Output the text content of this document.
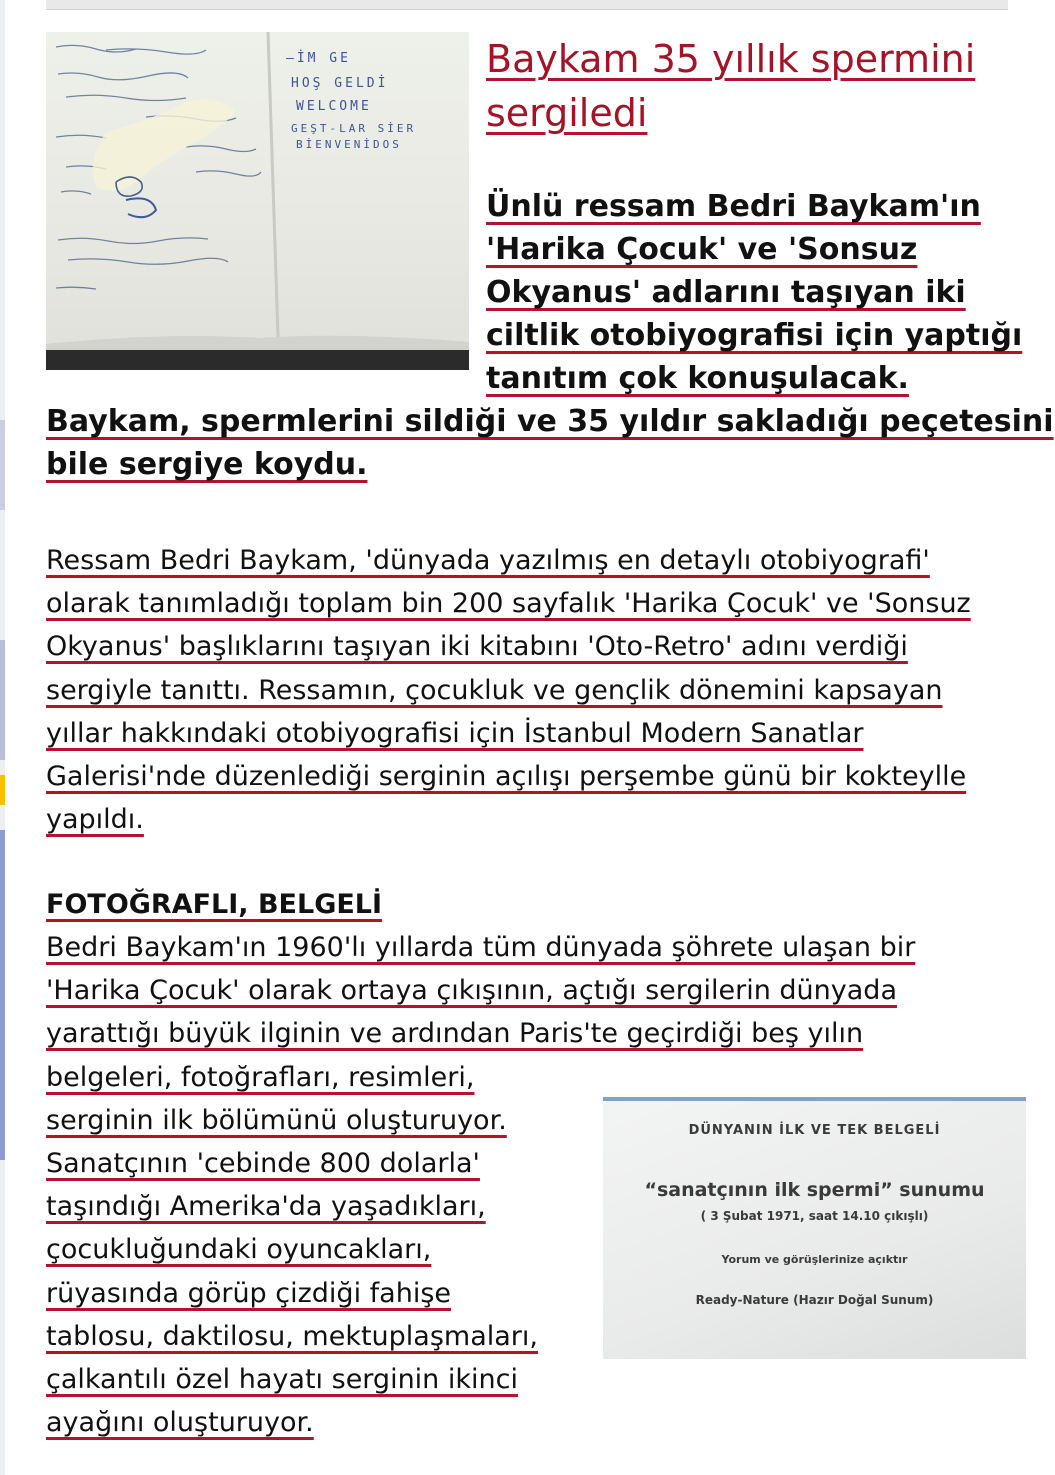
—İM GE
HOŞ GELDİ
WELCOME
GEŞT-LAR SİER
BİENVENİDOS
Baykam 35 yıllık spermini
sergiledi
Ünlü ressam Bedri Baykam'ın
'Harika Çocuk' ve 'Sonsuz
Okyanus' adlarını taşıyan iki
ciltlik otobiyografisi için yaptığı
tanıtım çok konuşulacak.
Baykam, spermlerini sildiği ve 35 yıldır sakladığı peçetesini
bile sergiye koydu.

Ressam Bedri Baykam, 'dünyada yazılmış en detaylı otobiyografi'
olarak tanımladığı toplam bin 200 sayfalık 'Harika Çocuk' ve 'Sonsuz
Okyanus' başlıklarını taşıyan iki kitabını 'Oto-Retro' adını verdiği
sergiyle tanıttı. Ressamın, çocukluk ve gençlik dönemini kapsayan
yıllar hakkındaki otobiyografisi için İstanbul Modern Sanatlar
Galerisi'nde düzenlediği serginin açılışı perşembe günü bir kokteylle
yapıldı.

FOTOĞRAFLI, BELGELİ

Bedri Baykam'ın 1960'lı yıllarda tüm dünyada şöhrete ulaşan bir
'Harika Çocuk' olarak ortaya çıkışının, açtığı sergilerin dünyada
yarattığı büyük ilginin ve ardından Paris'te geçirdiği beş yılın
belgeleri, fotoğrafları, resimleri,
serginin ilk bölümünü oluşturuyor.
Sanatçının 'cebinde 800 dolarla'
taşındığı Amerika'da yaşadıkları,
çocukluğundaki oyuncakları,
rüyasında görüp çizdiği fahişe
tablosu, daktilosu, mektuplaşmaları,
çalkantılı özel hayatı serginin ikinci
ayağını oluşturuyor.

DÜNYANIN İLK VE TEK BELGELİ
“sanatçının ilk spermi” sunumu
( 3 Şubat 1971, saat 14.10 çıkışlı)
Yorum ve görüşlerinize açıktır
Ready-Nature (Hazır Doğal Sunum)
